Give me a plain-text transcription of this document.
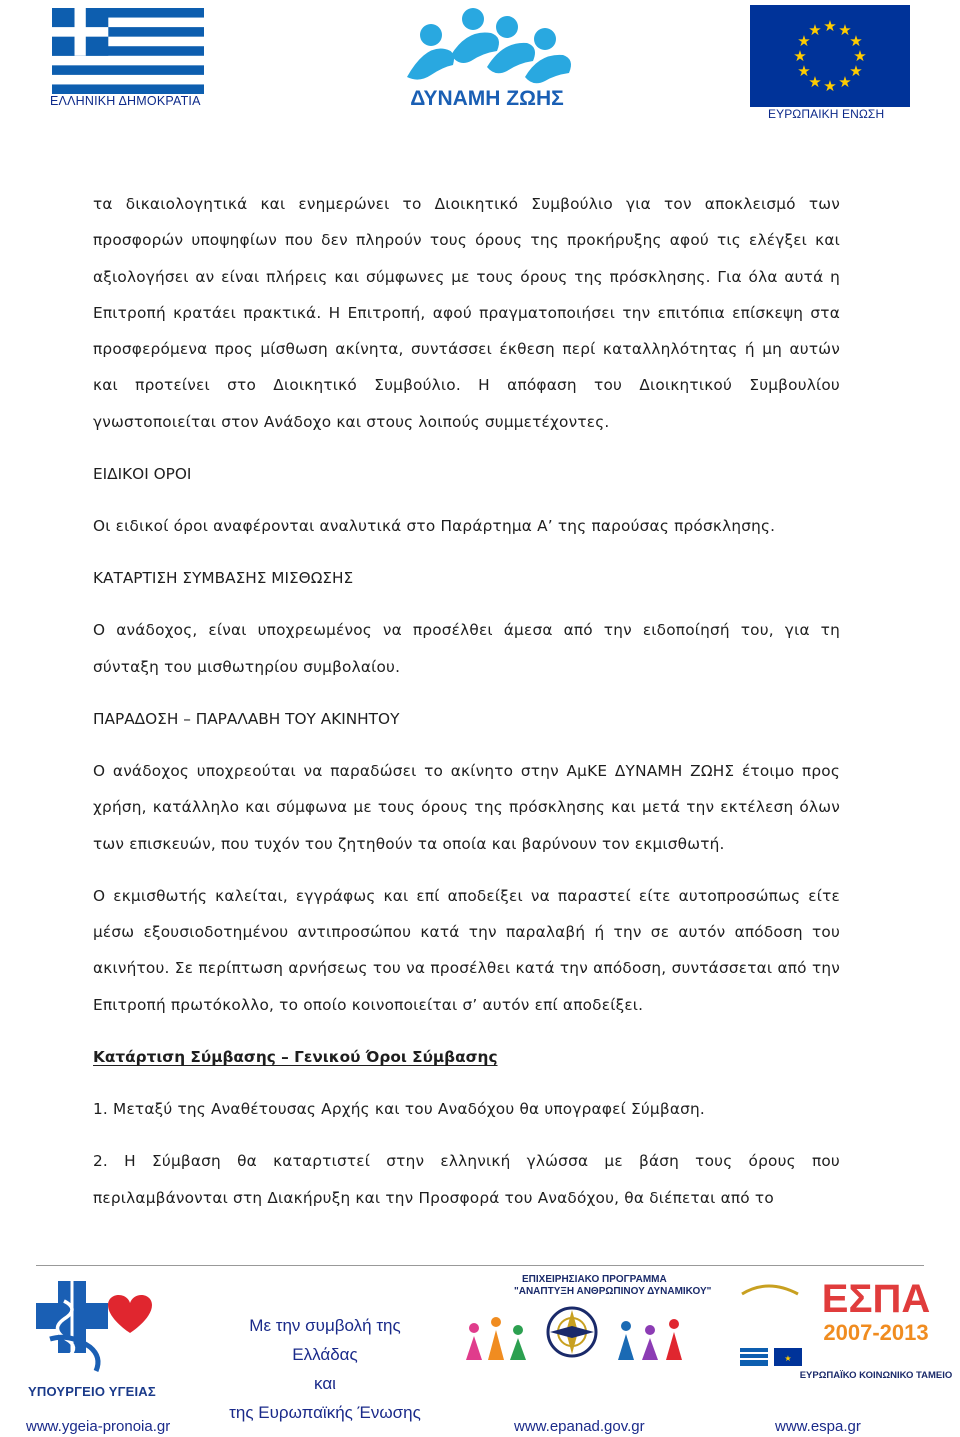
ΕΛΛΗΝΙΚΗ ΔΗΜΟΚΡΑΤΙΑ	ΔΥΝΑΜΗ ΖΩΗΣ
★ ★
★
★
★
★
★
★
★
★
★
★
ΕΥΡΩΠΑΙΚΗ ΕΝΩΣΗ

τα δικαιολογητικά και ενημερώνει το Διοικητικό Συμβούλιο για τον αποκλεισμό των προσφορών υποψηφίων που δεν πληρούν τους όρους της προκήρυξης αφού τις ελέγξει και αξιολογήσει αν είναι πλήρεις και σύμφωνες με τους όρους της πρόσκλησης. Για όλα αυτά η Επιτροπή κρατάει πρακτικά. Η Επιτροπή, αφού πραγματοποιήσει την επιτόπια επίσκεψη στα προσφερόμενα προς μίσθωση ακίνητα, συντάσσει έκθεση περί καταλληλότητας ή μη αυτών και προτείνει στο Διοικητικό Συμβούλιο. Η απόφαση του Διοικητικού Συμβουλίου γνωστοποιείται στον Ανάδοχο και στους λοιπούς συμμετέχοντες.

ΕΙΔΙΚΟΙ ΟΡΟΙ

Οι ειδικοί όροι αναφέρονται αναλυτικά στο Παράρτημα Α’ της παρούσας πρόσκλησης.

ΚΑΤΑΡΤΙΣΗ ΣΥΜΒΑΣΗΣ ΜΙΣΘΩΣΗΣ

Ο ανάδοχος, είναι υποχρεωμένος να προσέλθει άμεσα από την ειδοποίησή του, για τη σύνταξη του μισθωτηρίου συμβολαίου.

ΠΑΡΑΔΟΣΗ – ΠΑΡΑΛΑΒΗ ΤΟΥ ΑΚΙΝΗΤΟΥ

Ο ανάδοχος υποχρεούται να παραδώσει το ακίνητο στην ΑμΚΕ ΔΥΝΑΜΗ ΖΩΗΣ έτοιμο προς χρήση, κατάλληλο και σύμφωνα με τους όρους της πρόσκλησης και μετά την εκτέλεση όλων των επισκευών, που τυχόν του ζητηθούν τα οποία και βαρύνουν τον εκμισθωτή.

Ο εκμισθωτής καλείται, εγγράφως και επί αποδείξει να παραστεί είτε αυτοπροσώπως είτε μέσω εξουσιοδοτημένου αντιπροσώπου κατά την παραλαβή ή την σε αυτόν απόδοση του ακινήτου. Σε περίπτωση αρνήσεως του να προσέλθει κατά την απόδοση, συντάσσεται από την Επιτροπή πρωτόκολλο, το οποίο κοινοποιείται σ’ αυτόν επί αποδείξει.

Κατάρτιση Σύμβασης – Γενικού Όροι Σύμβασης

1. Μεταξύ της Αναθέτουσας Αρχής και του Αναδόχου θα υπογραφεί Σύμβαση.

2. Η Σύμβαση θα καταρτιστεί στην ελληνική γλώσσα με βάση τους όρους που περιλαμβάνονται στη Διακήρυξη και την Προσφορά του Αναδόχου, θα διέπεται από το

ΥΠΟΥΡΓΕΙΟ ΥΓΕΙΑΣ
Με την συμβολή της
Ελλάδας
και
της Ευρωπαϊκής Ένωσης
ΕΠΙΧΕΙΡΗΣΙΑΚΟ ΠΡΟΓΡΑΜΜΑ
"ΑΝΑΠΤΥΞΗ ΑΝΘΡΩΠΙΝΟΥ ΔΥΝΑΜΙΚΟΥ"	ΕΣΠΑ
2007-2013
★
ΕΥΡΩΠΑΪΚΟ ΚΟΙΝΩΝΙΚΟ ΤΑΜΕΙΟ
www.ygeia-pronoia.gr	www.epanad.gov.gr	www.espa.gr
